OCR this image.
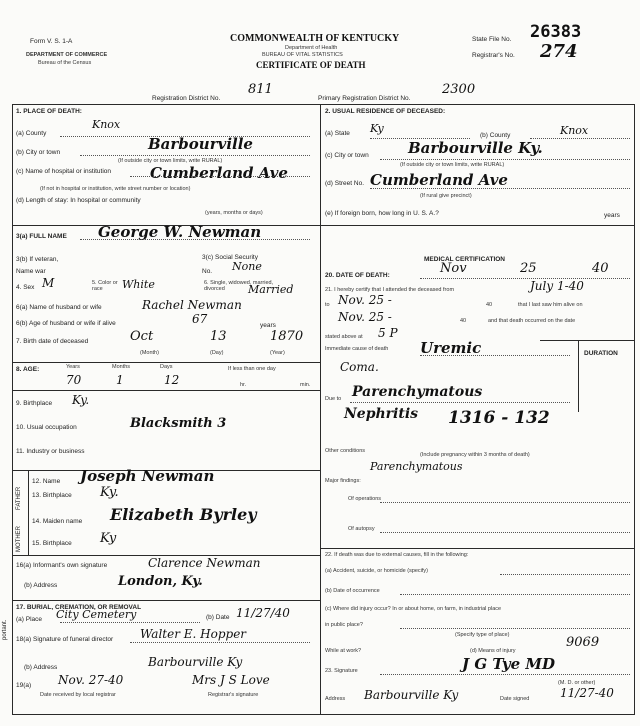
Form V. S. 1-A
DEPARTMENT OF COMMERCE
Bureau of the Census
COMMONWEALTH OF KENTUCKY
Department of Health
BUREAU OF VITAL STATISTICS
CERTIFICATE OF DEATH
State File No. 26383
Registrar's No. 274
Registration District No.
811
Primary Registration District No.
2300
1. PLACE OF DEATH:
(a) County
Knox
(b) City or town	Barbourville
(If outside city or town limits, write RURAL)
(c) Name of hospital or institution	Cumberland Ave
(If not in hospital or institution, write street number or location)
(d) Length of stay: In hospital or community
(years, months or days)
2. USUAL RESIDENCE OF DECEASED:
(a) State Ky
(b) County	Knox
(c) City or town	Barbourville Ky.
(If outside city or town limits, write RURAL)
Cumberland Ave
(d) Street No.
(If rural give precinct)
(e) If foreign born, how long in U. S. A.?	years
3(a) FULL NAME George W. Newman
3(b) If veteran,	3(c) Social Security
Name war	No. None
4. Sex M	5. Color or race	White	6. Single, widowed, married, divorced	Married
6(a) Name of husband or wife	Rachel Newman
6(b) Age of husband or wife if alive	67	years
7. Birth date of deceased	Oct	13	1870
(Month)	(Day)	(Year)
8. AGE:	Years	Months	Days	If less than one day
70	1	12	hr.	min.
9. Birthplace Ky.
10. Usual occupation	Blacksmith 3
11. Industry or business
FATHER
MOTHER
12. Name Joseph Newman
13. Birthplace Ky.
14. Maiden name Elizabeth Byrley
15. Birthplace Ky
16(a) Informant's own signature	Clarence Newman
(b) Address	London, Ky.
17. BURIAL, CREMATION, OR REMOVAL
(a) Place City Cemetery	(b) Date 11/27/40
18(a) Signature of funeral director Walter E. Hopper
(b) Address	Barbourville Ky
19(a) Nov. 27-40
Date received by local registrar
Mrs J S Love
Registrar's signature
portant.
MEDICAL CERTIFICATION
20. DATE OF DEATH:	Nov	25	40
21. I hereby certify that I attended the deceased from	July 1-40
to Nov. 25 -	40	that I last saw him alive on
Nov. 25 -	40	and that death occurred on the date
stated above at 5 P
Immediate cause of death	Uremic
Coma.
DURATION
Due to Parenchymatous
Nephritis 1316 - 132
Other conditions
(Include pregnancy within 3 months of death)
Parenchymatous
Major findings:
Of operations
Of autopsy
22. If death was due to external causes, fill in the following:
(a) Accident, suicide, or homicide (specify)
(b) Date of occurrence
(c) Where did injury occur? In or about home, on farm, in industrial place
in public place?
(Specify type of place)
While at work?	(d) Means of injury
9069
23. Signature	J G Tye MD
(M. D. or other)
Address Barbourville Ky	Date signed	11/27-40
